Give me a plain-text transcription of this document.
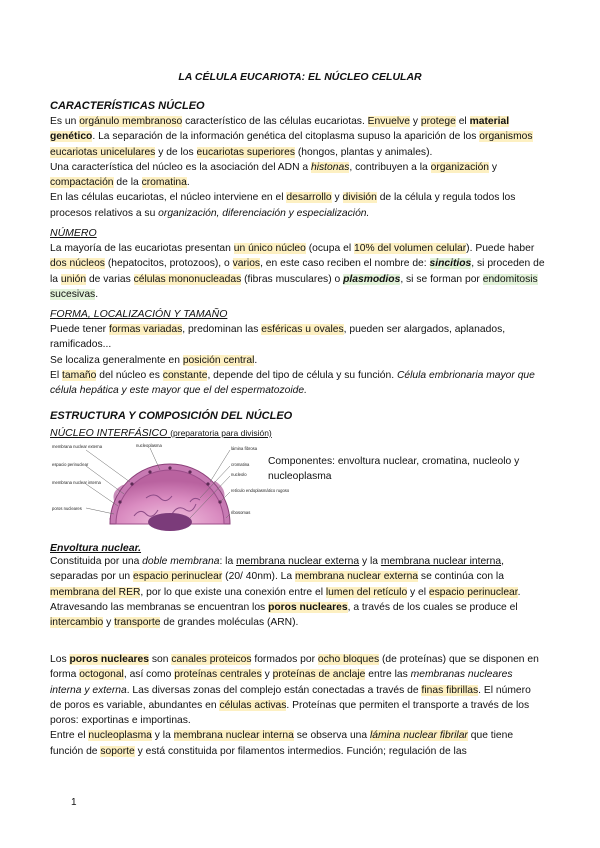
LA CÉLULA EUCARIOTA: EL NÚCLEO CELULAR
CARACTERÍSTICAS NÚCLEO
Es un orgánulo membranoso característico de las células eucariotas. Envuelve y protege el material genético. La separación de la información genética del citoplasma supuso la aparición de los organismos eucariotas unicelulares y de los eucariotas superiores (hongos, plantas y animales).
Una característica del núcleo es la asociación del ADN a histonas, contribuyen a la organización y compactación de la cromatina.
En las células eucariotas, el núcleo interviene en el desarrollo y división de la célula y regula todos los procesos relativos a su organización, diferenciación y especialización.
NÚMERO
La mayoría de las eucariotas presentan un único núcleo (ocupa el 10% del volumen celular). Puede haber dos núcleos (hepatocitos, protozoos), o varios, en este caso reciben el nombre de: sincitios, si proceden de la unión de varias células mononucleadas (fibras musculares) o plasmodios, si se forman por endomitosis sucesivas.
FORMA, LOCALIZACIÓN Y TAMAÑO
Puede tener formas variadas, predominan las esféricas u ovales, pueden ser alargados, aplanados, ramificados...
Se localiza generalmente en posición central.
El tamaño del núcleo es constante, depende del tipo de célula y su función. Célula embrionaria mayor que célula hepática y este mayor que el del espermatozoide.
ESTRUCTURA Y COMPOSICIÓN DEL NÚCLEO
NÚCLEO INTERFÁSICO (preparatoria para división)
membrana nuclear externa
espacio perinuclear
membrana nuclear interna
poros nucleares
nucleoplasma
lámina fibrosa
cromatina
nucleolo
retículo endoplasmático rugoso
ribosomas
Componentes: envoltura nuclear, cromatina, nucleolo y nucleoplasma
Envoltura nuclear.
Constituida por una doble membrana: la membrana nuclear externa y la membrana nuclear interna, separadas por un espacio perinuclear (20/ 40nm). La membrana nuclear externa se continúa con la membrana del RER, por lo que existe una conexión entre el lumen del retículo y el espacio perinuclear.
Atravesando las membranas se encuentran los poros nucleares, a través de los cuales se produce el intercambio y transporte de grandes moléculas (ARN).
Los poros nucleares son canales proteicos formados por ocho bloques (de proteínas) que se disponen en forma octogonal, así como proteínas centrales y proteínas de anclaje entre las membranas nucleares interna y externa. Las diversas zonas del complejo están conectadas a través de finas fibrillas. El número de poros es variable, abundantes en células activas. Proteínas que permiten el transporte a través de los poros: exportinas e importinas.
Entre el nucleoplasma y la membrana nuclear interna se observa una lámina nuclear fibrilar que tiene función de soporte y está constituida por filamentos intermedios. Función; regulación de las
1
